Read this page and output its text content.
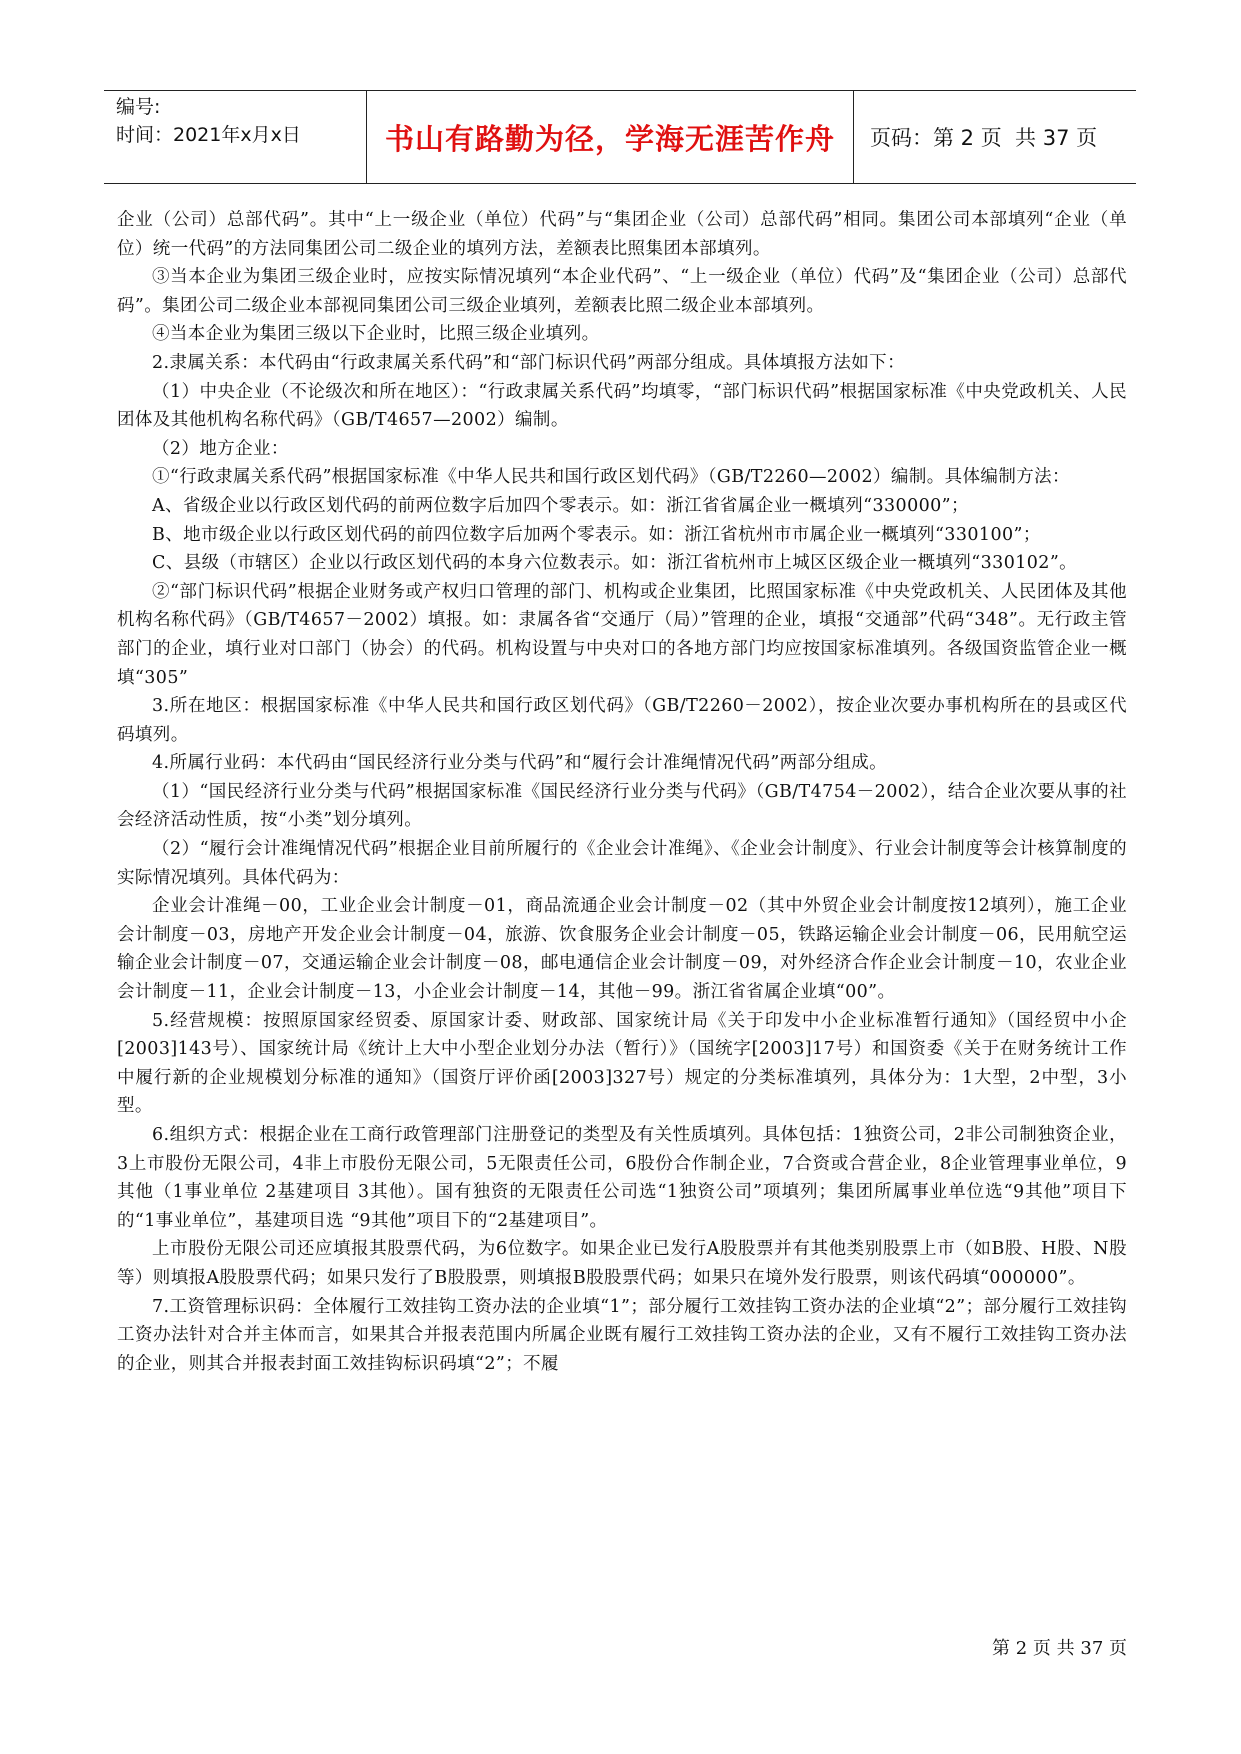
编号:
时间：2021年x月x日	书山有路勤为径，学海无涯苦作舟 页码：第 2 页  共 37 页

企业（公司）总部代码”。其中“上一级企业（单位）代码”与“集团企业（公司）总部代码”相同。集团公司本部填列“企业（单位）统一代码”的方法同集团公司二级企业的填列方法，差额表比照集团本部填列。

③当本企业为集团三级企业时，应按实际情况填列“本企业代码”、“上一级企业（单位）代码”及“集团企业（公司）总部代码”。集团公司二级企业本部视同集团公司三级企业填列，差额表比照二级企业本部填列。

④当本企业为集团三级以下企业时，比照三级企业填列。

2.隶属关系：本代码由“行政隶属关系代码”和“部门标识代码”两部分组成。具体填报方法如下：

（1）中央企业（不论级次和所在地区）：“行政隶属关系代码”均填零，“部门标识代码”根据国家标准《中央党政机关、人民团体及其他机构名称代码》（GB/T4657—2002）编制。

（2）地方企业：

①“行政隶属关系代码”根据国家标准《中华人民共和国行政区划代码》（GB/T2260—2002）编制。具体编制方法：

A、省级企业以行政区划代码的前两位数字后加四个零表示。如：浙江省省属企业一概填列“330000”；

B、地市级企业以行政区划代码的前四位数字后加两个零表示。如：浙江省杭州市市属企业一概填列“330100”；

C、县级（市辖区）企业以行政区划代码的本身六位数表示。如：浙江省杭州市上城区区级企业一概填列“330102”。

②“部门标识代码”根据企业财务或产权归口管理的部门、机构或企业集团，比照国家标准《中央党政机关、人民团体及其他机构名称代码》（GB/T4657－2002）填报。如：隶属各省“交通厅（局）”管理的企业，填报“交通部”代码“348”。无行政主管部门的企业，填行业对口部门（协会）的代码。机构设置与中央对口的各地方部门均应按国家标准填列。各级国资监管企业一概填“305”

3.所在地区：根据国家标准《中华人民共和国行政区划代码》（GB/T2260－2002），按企业次要办事机构所在的县或区代码填列。

4.所属行业码：本代码由“国民经济行业分类与代码”和“履行会计准绳情况代码”两部分组成。

（1）“国民经济行业分类与代码”根据国家标准《国民经济行业分类与代码》（GB/T4754－2002），结合企业次要从事的社会经济活动性质，按“小类”划分填列。

（2）“履行会计准绳情况代码”根据企业目前所履行的《企业会计准绳》、《企业会计制度》、行业会计制度等会计核算制度的实际情况填列。具体代码为：

企业会计准绳－00，工业企业会计制度－01，商品流通企业会计制度－02（其中外贸企业会计制度按12填列），施工企业会计制度－03，房地产开发企业会计制度－04，旅游、饮食服务企业会计制度－05，铁路运输企业会计制度－06，民用航空运输企业会计制度－07，交通运输企业会计制度－08，邮电通信企业会计制度－09，对外经济合作企业会计制度－10，农业企业会计制度－11，企业会计制度－13，小企业会计制度－14，其他－99。浙江省省属企业填“00”。

5.经营规模：按照原国家经贸委、原国家计委、财政部、国家统计局《关于印发中小企业标准暂行通知》（国经贸中小企[2003]143号）、国家统计局《统计上大中小型企业划分办法（暂行）》（国统字[2003]17号）和国资委《关于在财务统计工作中履行新的企业规模划分标准的通知》（国资厅评价函[2003]327号）规定的分类标准填列，具体分为：1大型，2中型，3小型。

6.组织方式：根据企业在工商行政管理部门注册登记的类型及有关性质填列。具体包括：1独资公司，2非公司制独资企业，3上市股份无限公司，4非上市股份无限公司，5无限责任公司，6股份合作制企业，7合资或合营企业，8企业管理事业单位，9其他（1事业单位 2基建项目 3其他）。国有独资的无限责任公司选“1独资公司”项填列；集团所属事业单位选“9其他”项目下的“1事业单位”，基建项目选 “9其他”项目下的“2基建项目”。

上市股份无限公司还应填报其股票代码，为6位数字。如果企业已发行A股股票并有其他类别股票上市（如B股、H股、N股等）则填报A股股票代码；如果只发行了B股股票，则填报B股股票代码；如果只在境外发行股票，则该代码填“000000”。

7.工资管理标识码：全体履行工效挂钩工资办法的企业填“1”；部分履行工效挂钩工资办法的企业填“2”；部分履行工效挂钩工资办法针对合并主体而言，如果其合并报表范围内所属企业既有履行工效挂钩工资办法的企业，又有不履行工效挂钩工资办法的企业，则其合并报表封面工效挂钩标识码填“2”；不履

第 2 页 共 37 页
